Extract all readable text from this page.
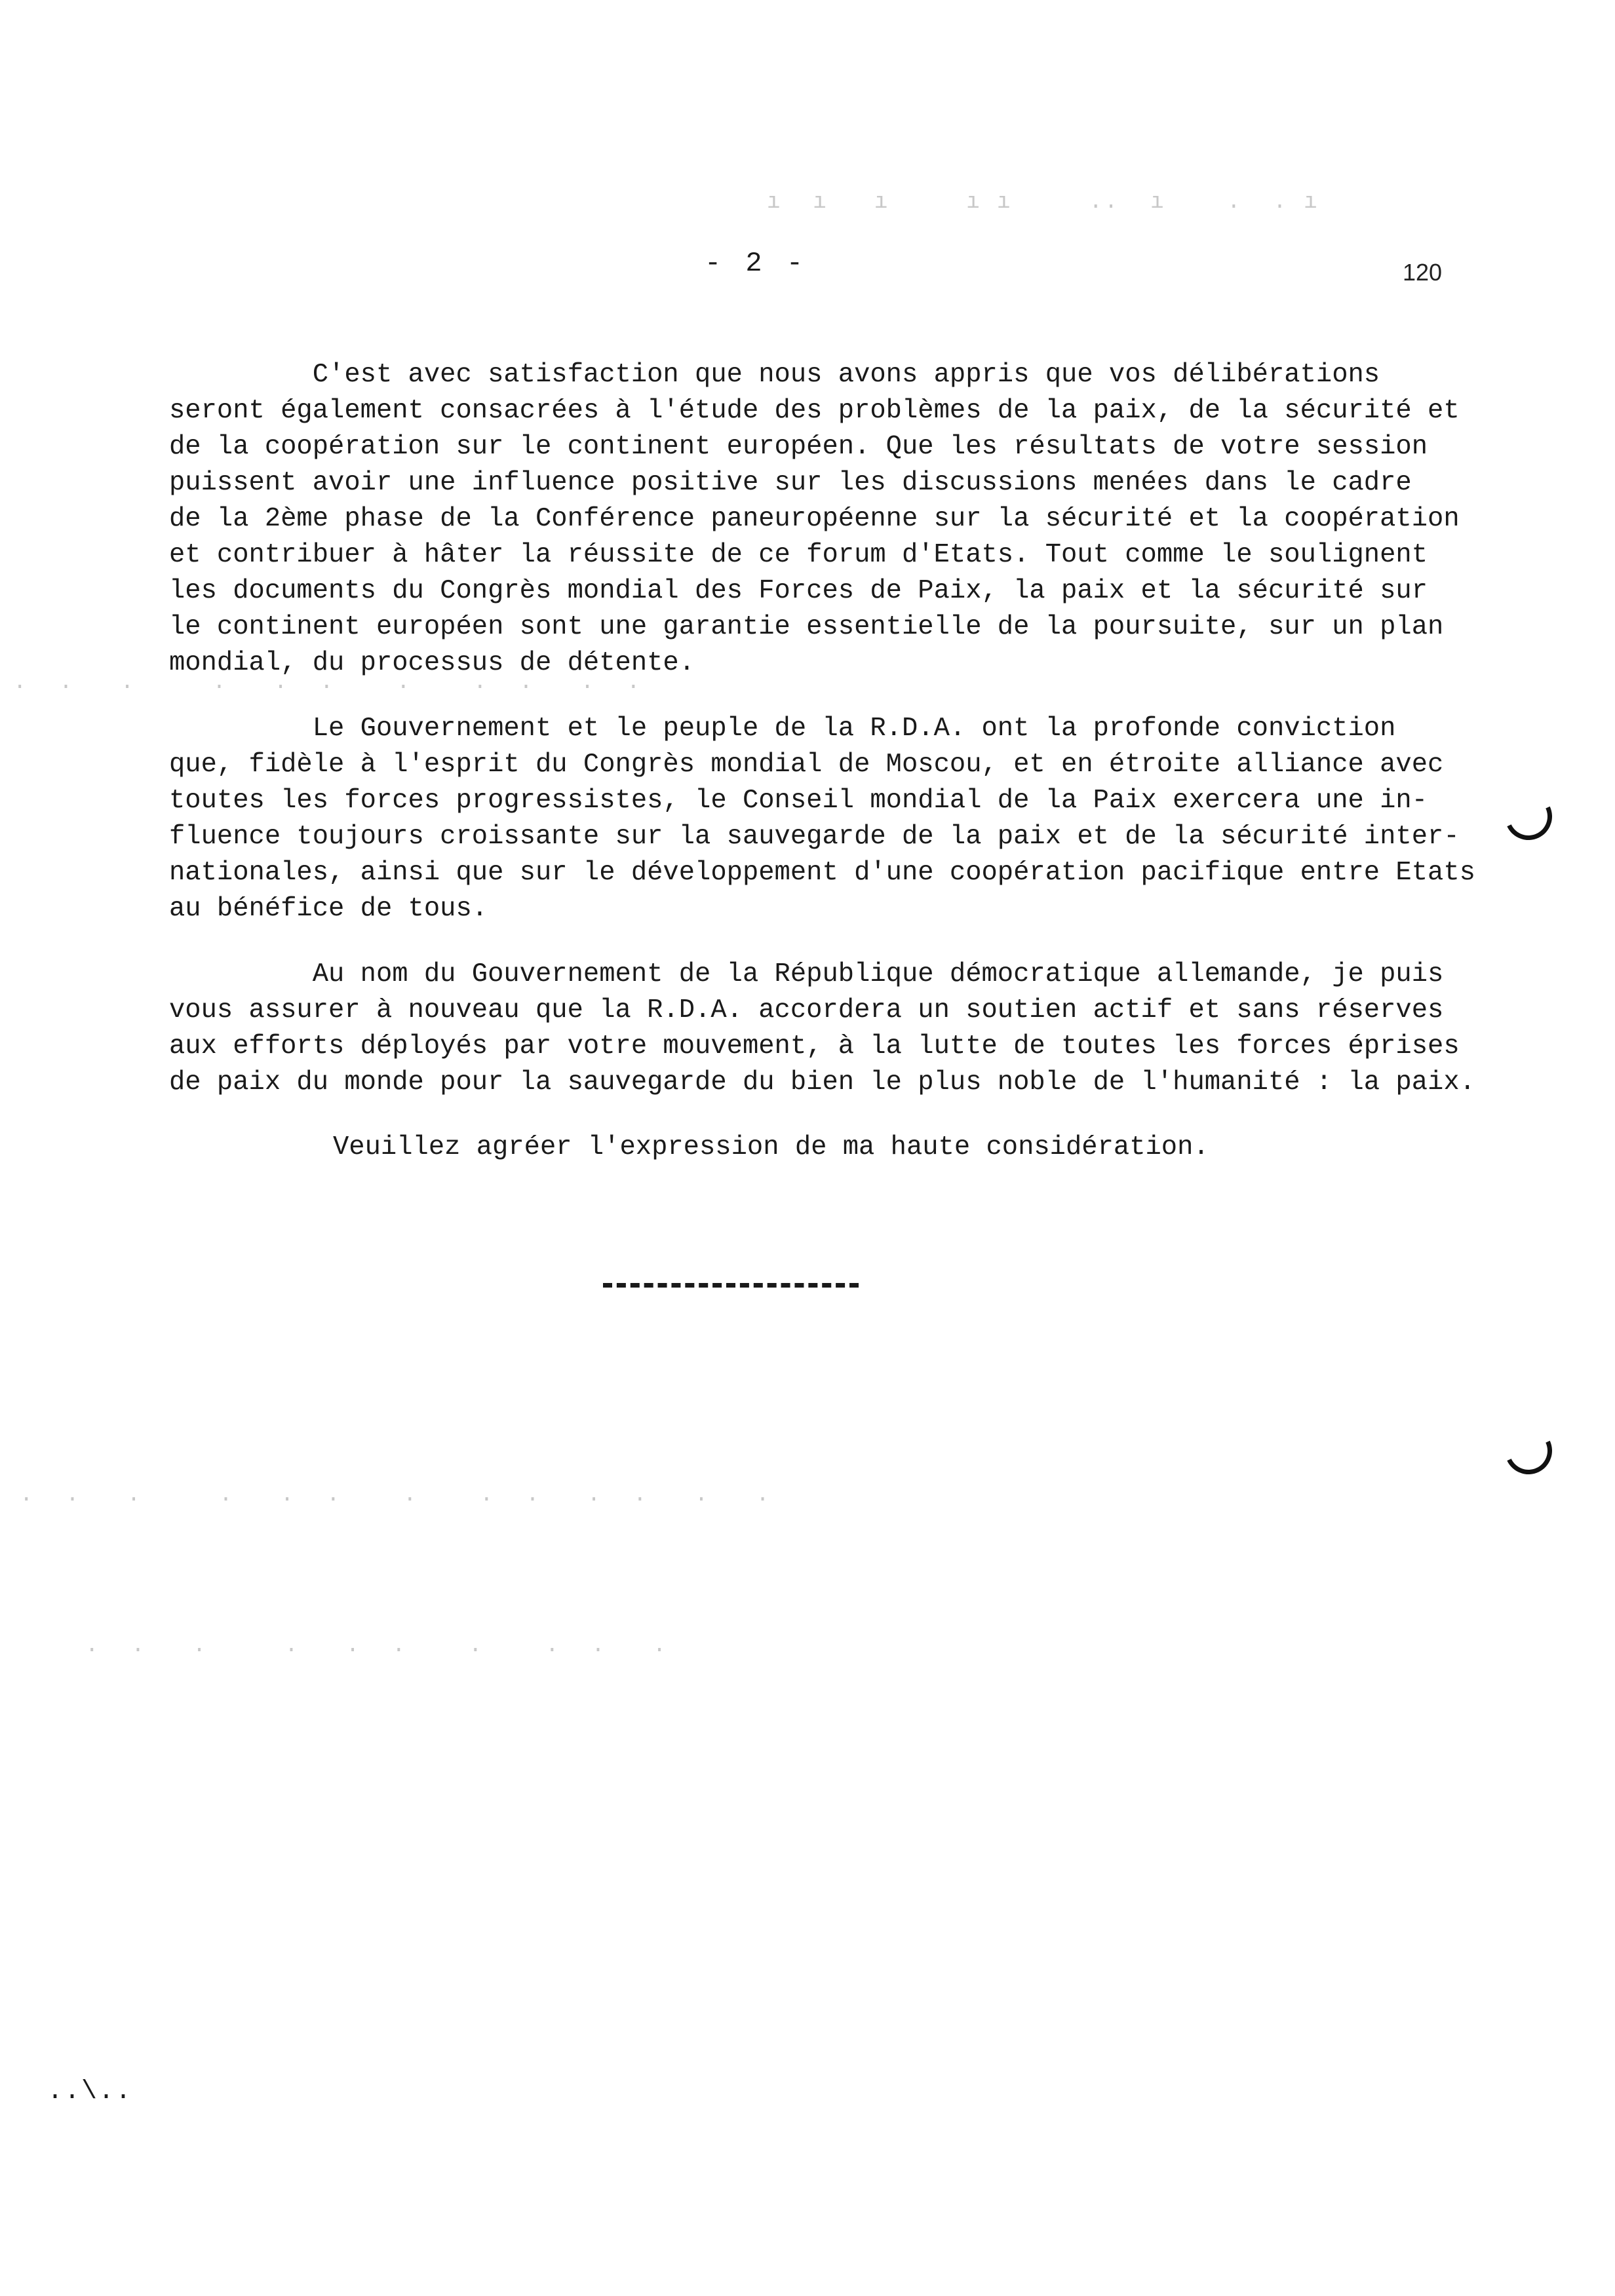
ı  ı   ı     ı ı     ..  ı    .  . ı
·  ·   ·     ·   ·  ·    ·    ·  ·   ·  ·
·  ·   ·     ·   ·  ·    ·    ·  ·   ·  ·   ·   ·
·  ·   ·     ·   ·  ·    ·    ·  ·   ·
- 2 -	120
C'est avec satisfaction que nous avons appris que vos délibérations
seront également consacrées à l'étude des problèmes de la paix, de la sécurité et
de la coopération sur le continent européen. Que les résultats de votre session
puissent avoir une influence positive sur les discussions menées dans le cadre
de la 2ème phase de la Conférence paneuropéenne sur la sécurité et la coopération
et contribuer à hâter la réussite de ce forum d'Etats. Tout comme le soulignent
les documents du Congrès mondial des Forces de Paix, la paix et la sécurité sur
le continent européen sont une garantie essentielle de la poursuite, sur un plan
mondial, du processus de détente.
Le Gouvernement et le peuple de la R.D.A. ont la profonde conviction
que, fidèle à l'esprit du Congrès mondial de Moscou, et en étroite alliance avec
toutes les forces progressistes, le Conseil mondial de la Paix exercera une in-
fluence toujours croissante sur la sauvegarde de la paix et de la sécurité inter-
nationales, ainsi que sur le développement d'une coopération pacifique entre Etats
au bénéfice de tous.
Au nom du Gouvernement de la République démocratique allemande, je puis
vous assurer à nouveau que la R.D.A. accordera un soutien actif et sans réserves
aux efforts déployés par votre mouvement, à la lutte de toutes les forces éprises
de paix du monde pour la sauvegarde du bien le plus noble de l'humanité : la paix.
Veuillez agréer l'expression de ma haute considération.
..\..
